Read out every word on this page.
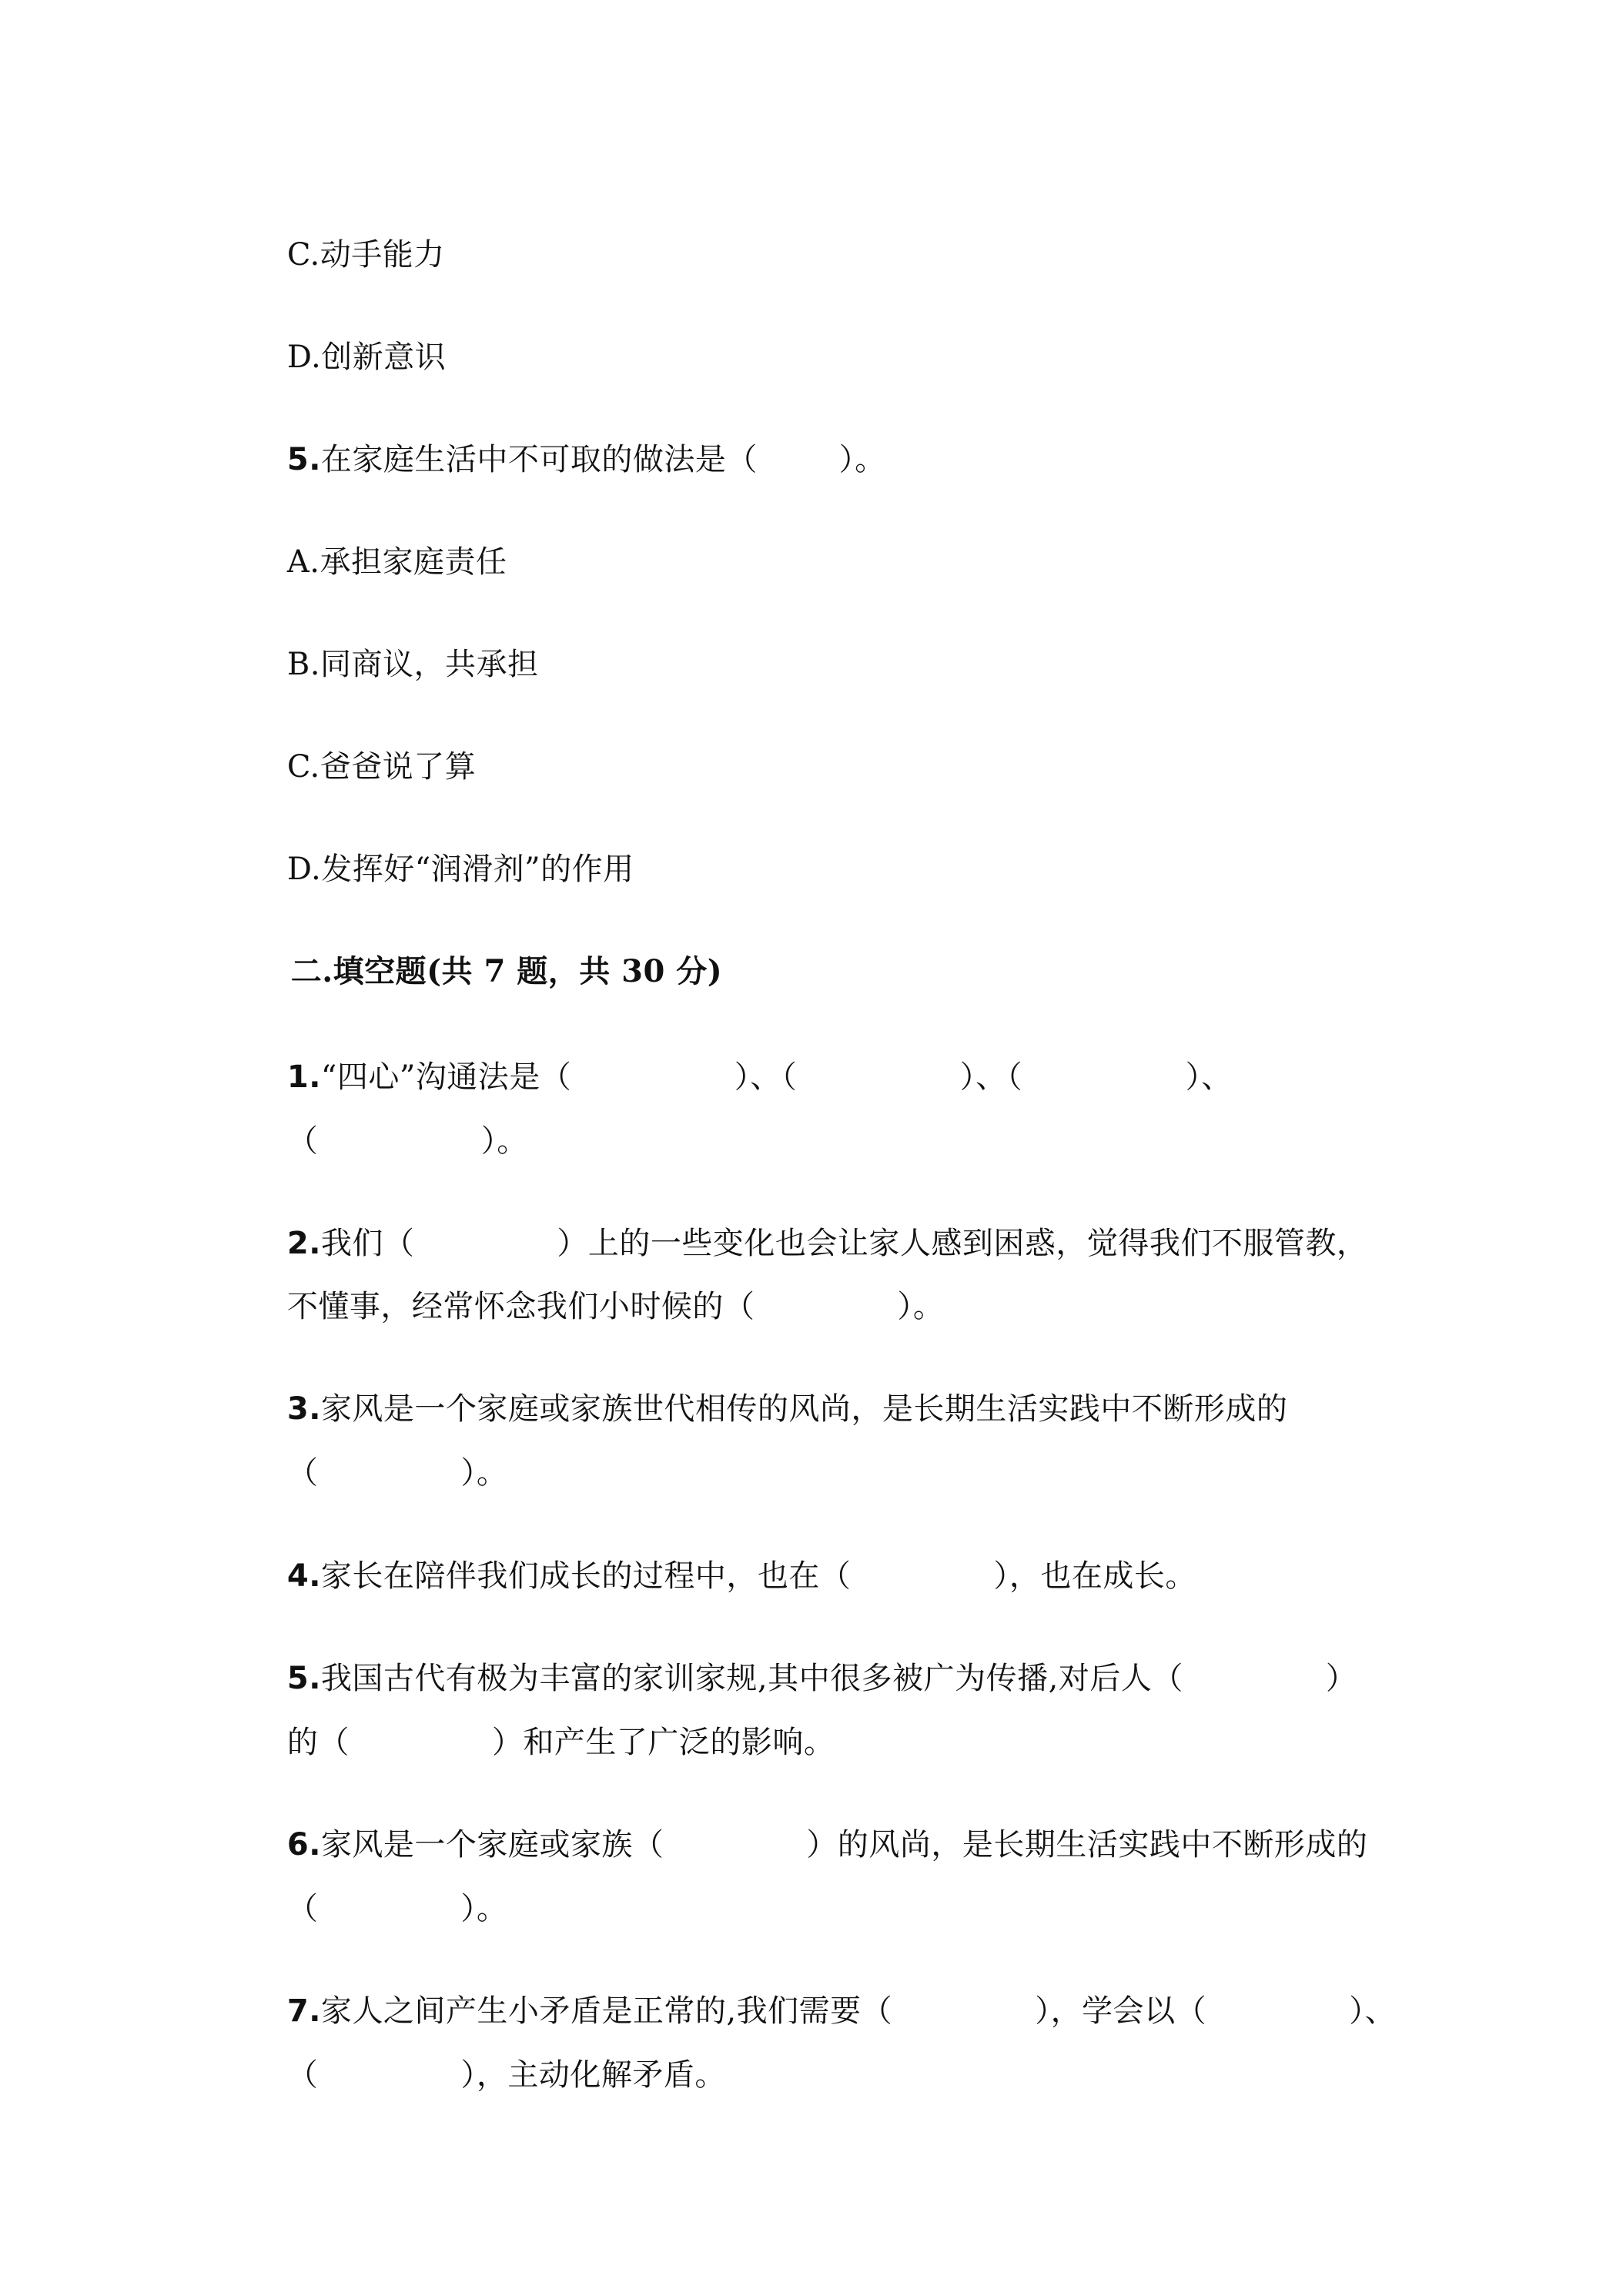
C.动手能力

D.创新意识

5.在家庭生活中不可取的做法是（        ）。

A.承担家庭责任

B.同商议，共承担

C.爸爸说了算

D.发挥好“润滑剂”的作用

二.填空题(共 7 题，共 30 分)

1.“四心”沟通法是（                ）、（                ）、（                ）、

（                ）。

2.我们（              ）上的一些变化也会让家人感到困惑，觉得我们不服管教，

不懂事，经常怀念我们小时候的（              ）。

3.家风是一个家庭或家族世代相传的风尚，是长期生活实践中不断形成的

（              ）。

4.家长在陪伴我们成长的过程中，也在（              ），也在成长。

5.我国古代有极为丰富的家训家规,其中很多被广为传播,对后人（              ）

的（              ）和产生了广泛的影响。

6.家风是一个家庭或家族（              ）的风尚，是长期生活实践中不断形成的

（              ）。

7.家人之间产生小矛盾是正常的,我们需要（              ），学会以（              ）、

（              ），主动化解矛盾。
